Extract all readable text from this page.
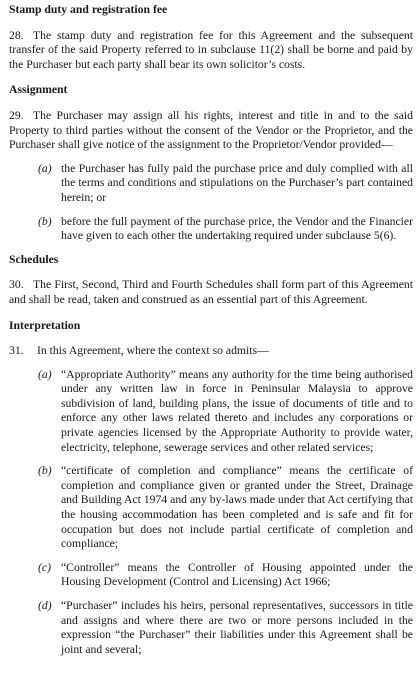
Stamp duty and registration fee

28. The stamp duty and registration fee for this Agreement and the subsequent transfer of the said Property referred to in subclause 11(2) shall be borne and paid by the Purchaser but each party shall bear its own solicitor’s costs.

Assignment

29. The Purchaser may assign all his rights, interest and title in and to the said Property to third parties without the consent of the Vendor or the Proprietor, and the Purchaser shall give notice of the assignment to the Proprietor/Vendor provided—

(a) the Purchaser has fully paid the purchase price and duly complied with all the terms and conditions and stipulations on the Purchaser’s part contained herein; or
(b) before the full payment of the purchase price, the Vendor and the Financier have given to each other the undertaking required under subclause 5(6).
Schedules

30. The First, Second, Third and Fourth Schedules shall form part of this Agreement and shall be read, taken and construed as an essential part of this Agreement.

Interpretation

31. In this Agreement, where the context so admits—

(a) “Appropriate Authority” means any authority for the time being authorised under any written law in force in Peninsular Malaysia to approve subdivision of land, building plans, the issue of documents of title and to enforce any other laws related thereto and includes any corporations or private agencies licensed by the Appropriate Authority to provide water, electricity, telephone, sewerage services and other related services;
(b) “certificate of completion and compliance” means the certificate of completion and compliance given or granted under the Street, Drainage and Building Act 1974 and any by-laws made under that Act certifying that the housing accommodation has been completed and is safe and fit for occupation but does not include partial certificate of completion and compliance;
(c) “Controller” means the Controller of Housing appointed under the Housing Development (Control and Licensing) Act 1966;
(d) “Purchaser” includes his heirs, personal representatives, successors in title and assigns and where there are two or more persons included in the expression “the Purchaser” their liabilities under this Agreement shall be joint and several;
